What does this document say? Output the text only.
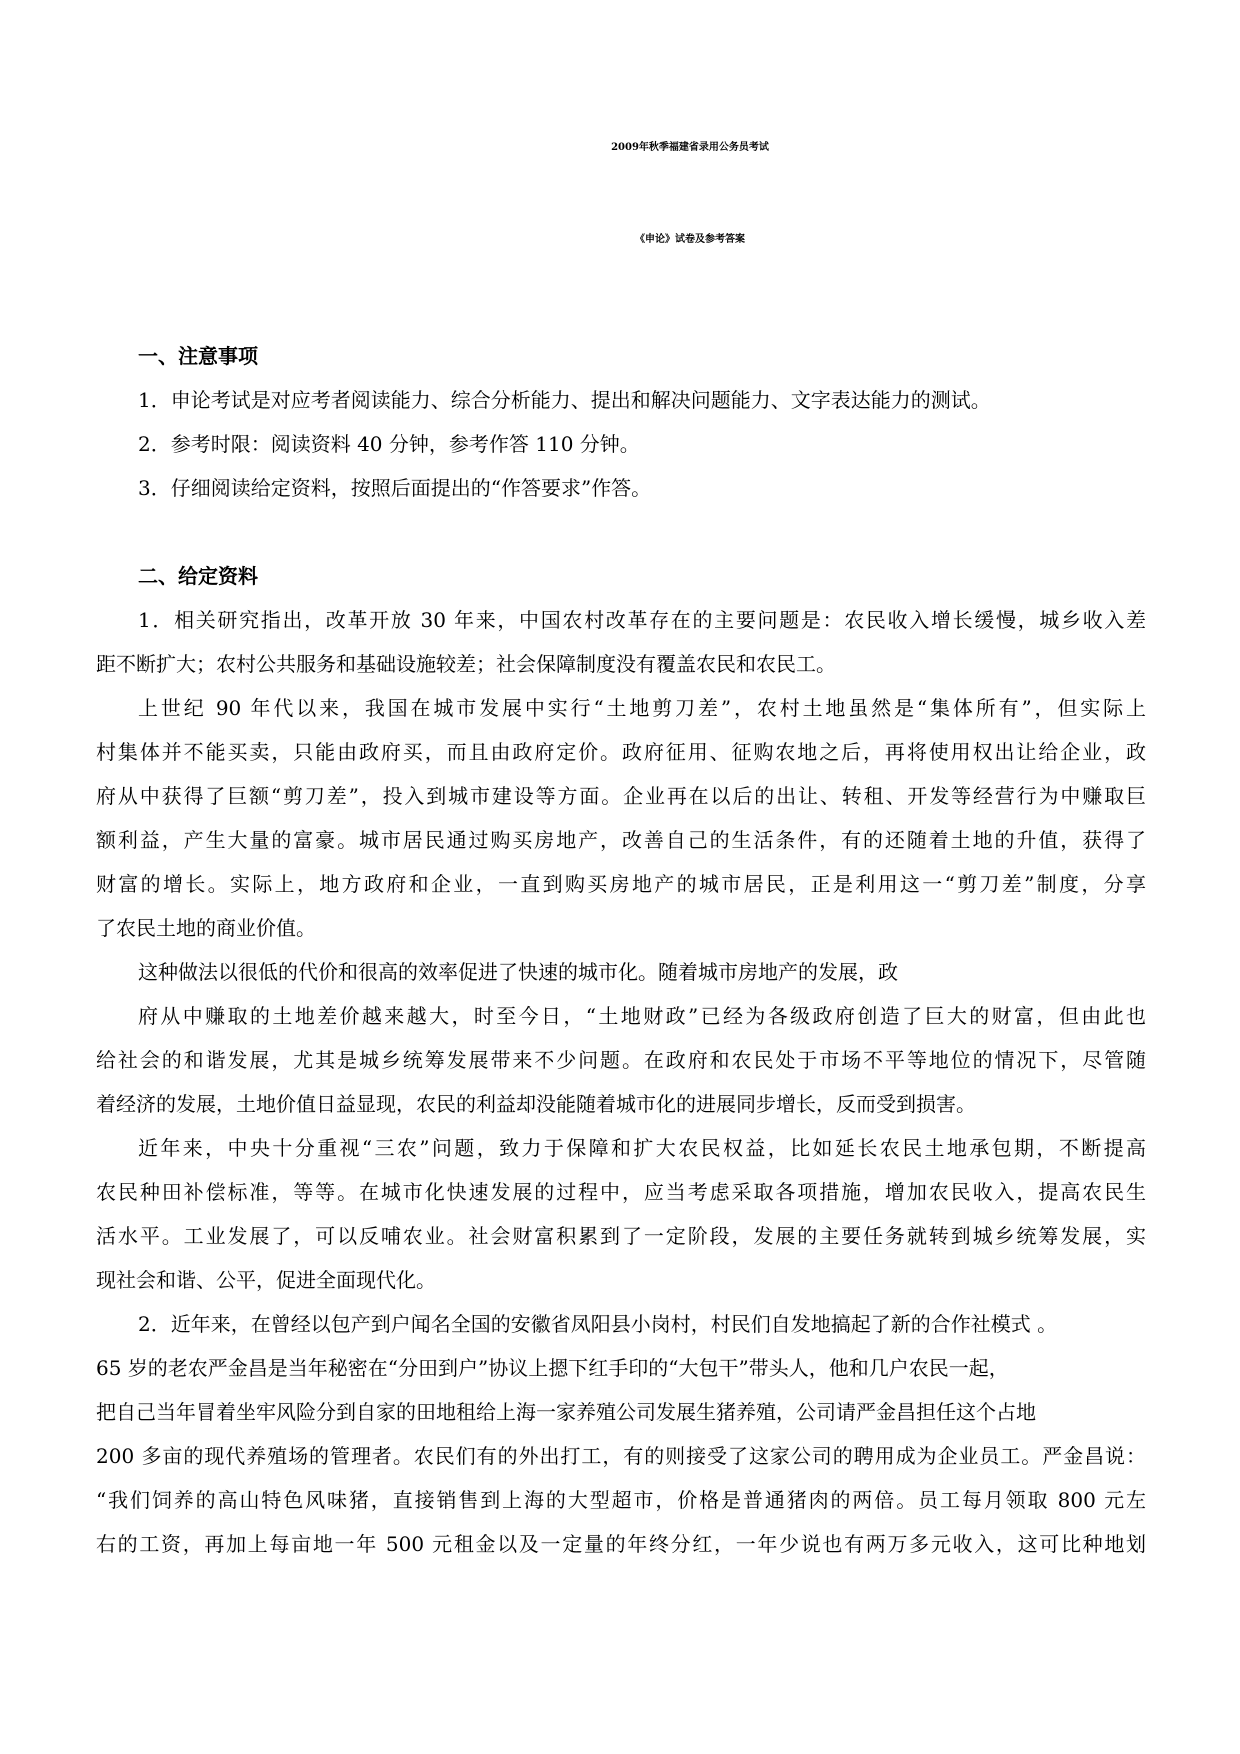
2009年秋季福建省录用公务员考试
《申论》试卷及参考答案
一、注意事项
1．申论考试是对应考者阅读能力、综合分析能力、提出和解决问题能力、文字表达能力的测试。
2．参考时限：阅读资料 40 分钟，参考作答 110 分钟。
3．仔细阅读给定资料，按照后面提出的“作答要求”作答。
二、给定资料
1．相关研究指出，改革开放 30 年来，中国农村改革存在的主要问题是：农民收入增长缓慢，城乡收入差
距不断扩大；农村公共服务和基础设施较差；社会保障制度没有覆盖农民和农民工。
上世纪 90 年代以来，我国在城市发展中实行“土地剪刀差”，农村土地虽然是“集体所有”，但实际上
村集体并不能买卖，只能由政府买，而且由政府定价。政府征用、征购农地之后，再将使用权出让给企业，政
府从中获得了巨额“剪刀差”，投入到城市建设等方面。企业再在以后的出让、转租、开发等经营行为中赚取巨
额利益，产生大量的富豪。城市居民通过购买房地产，改善自己的生活条件，有的还随着土地的升值，获得了
财富的增长。实际上，地方政府和企业，一直到购买房地产的城市居民，正是利用这一“剪刀差”制度，分享
了农民土地的商业价值。
这种做法以很低的代价和很高的效率促进了快速的城市化。随着城市房地产的发展，政
府从中赚取的土地差价越来越大，时至今日，“土地财政”已经为各级政府创造了巨大的财富，但由此也
给社会的和谐发展，尤其是城乡统筹发展带来不少问题。在政府和农民处于市场不平等地位的情况下，尽管随
着经济的发展，土地价值日益显现，农民的利益却没能随着城市化的进展同步增长，反而受到损害。
近年来，中央十分重视“三农”问题，致力于保障和扩大农民权益，比如延长农民土地承包期，不断提高
农民种田补偿标准，等等。在城市化快速发展的过程中，应当考虑采取各项措施，增加农民收入，提高农民生
活水平。工业发展了，可以反哺农业。社会财富积累到了一定阶段，发展的主要任务就转到城乡统筹发展，实
现社会和谐、公平，促进全面现代化。
2．近年来，在曾经以包产到户闻名全国的安徽省凤阳县小岗村，村民们自发地搞起了新的合作社模式 。
65 岁的老农严金昌是当年秘密在“分田到户”协议上摁下红手印的“大包干”带头人，他和几户农民一起，
把自己当年冒着坐牢风险分到自家的田地租给上海一家养殖公司发展生猪养殖，公司请严金昌担任这个占地
200 多亩的现代养殖场的管理者。农民们有的外出打工，有的则接受了这家公司的聘用成为企业员工。严金昌说：
“我们饲养的高山特色风味猪，直接销售到上海的大型超市，价格是普通猪肉的两倍。员工每月领取 800 元左
右的工资，再加上每亩地一年 500 元租金以及一定量的年终分红，一年少说也有两万多元收入，这可比种地划
